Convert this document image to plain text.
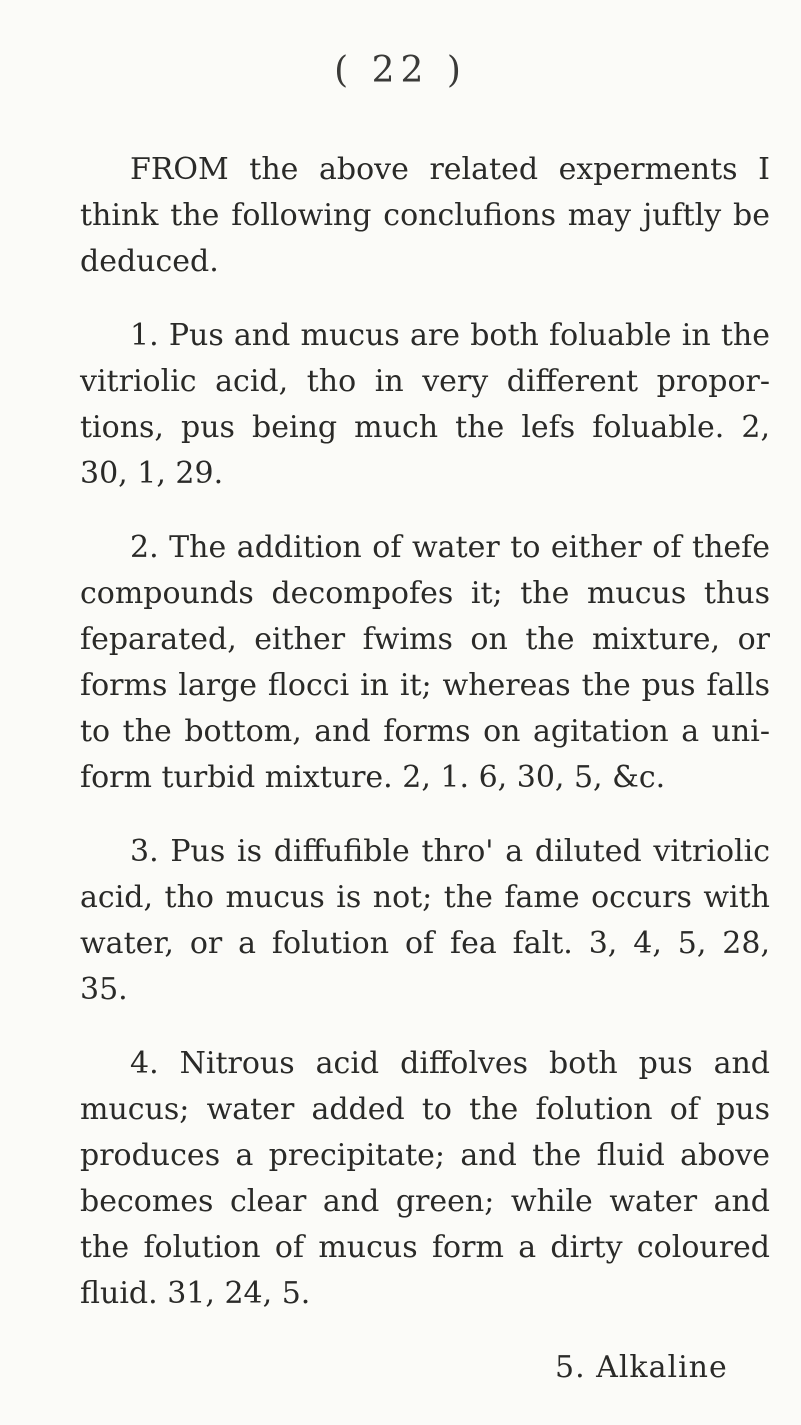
( 22 )
FROM the above related experments I
think the following conclufions may juftly be
deduced.
1. Pus and mucus are both foluable in the
vitriolic acid, tho in very different propor-
tions, pus being much the lefs foluable. 2,
30, 1, 29.
2. The addition of water to either of thefe
compounds decompofes it; the mucus thus
feparated, either fwims on the mixture, or
forms large flocci in it; whereas the pus falls
to the bottom, and forms on agitation a uni-
form turbid mixture. 2, 1. 6, 30, 5, &c.
3. Pus is diffufible thro' a diluted vitriolic
acid, tho mucus is not; the fame occurs with
water, or a folution of fea falt. 3, 4, 5, 28,
35.
4. Nitrous acid diffolves both pus and
mucus; water added to the folution of pus
produces a precipitate; and the fluid above
becomes clear and green; while water and
the folution of mucus form a dirty coloured
fluid. 31, 24, 5.
5. Alkaline
